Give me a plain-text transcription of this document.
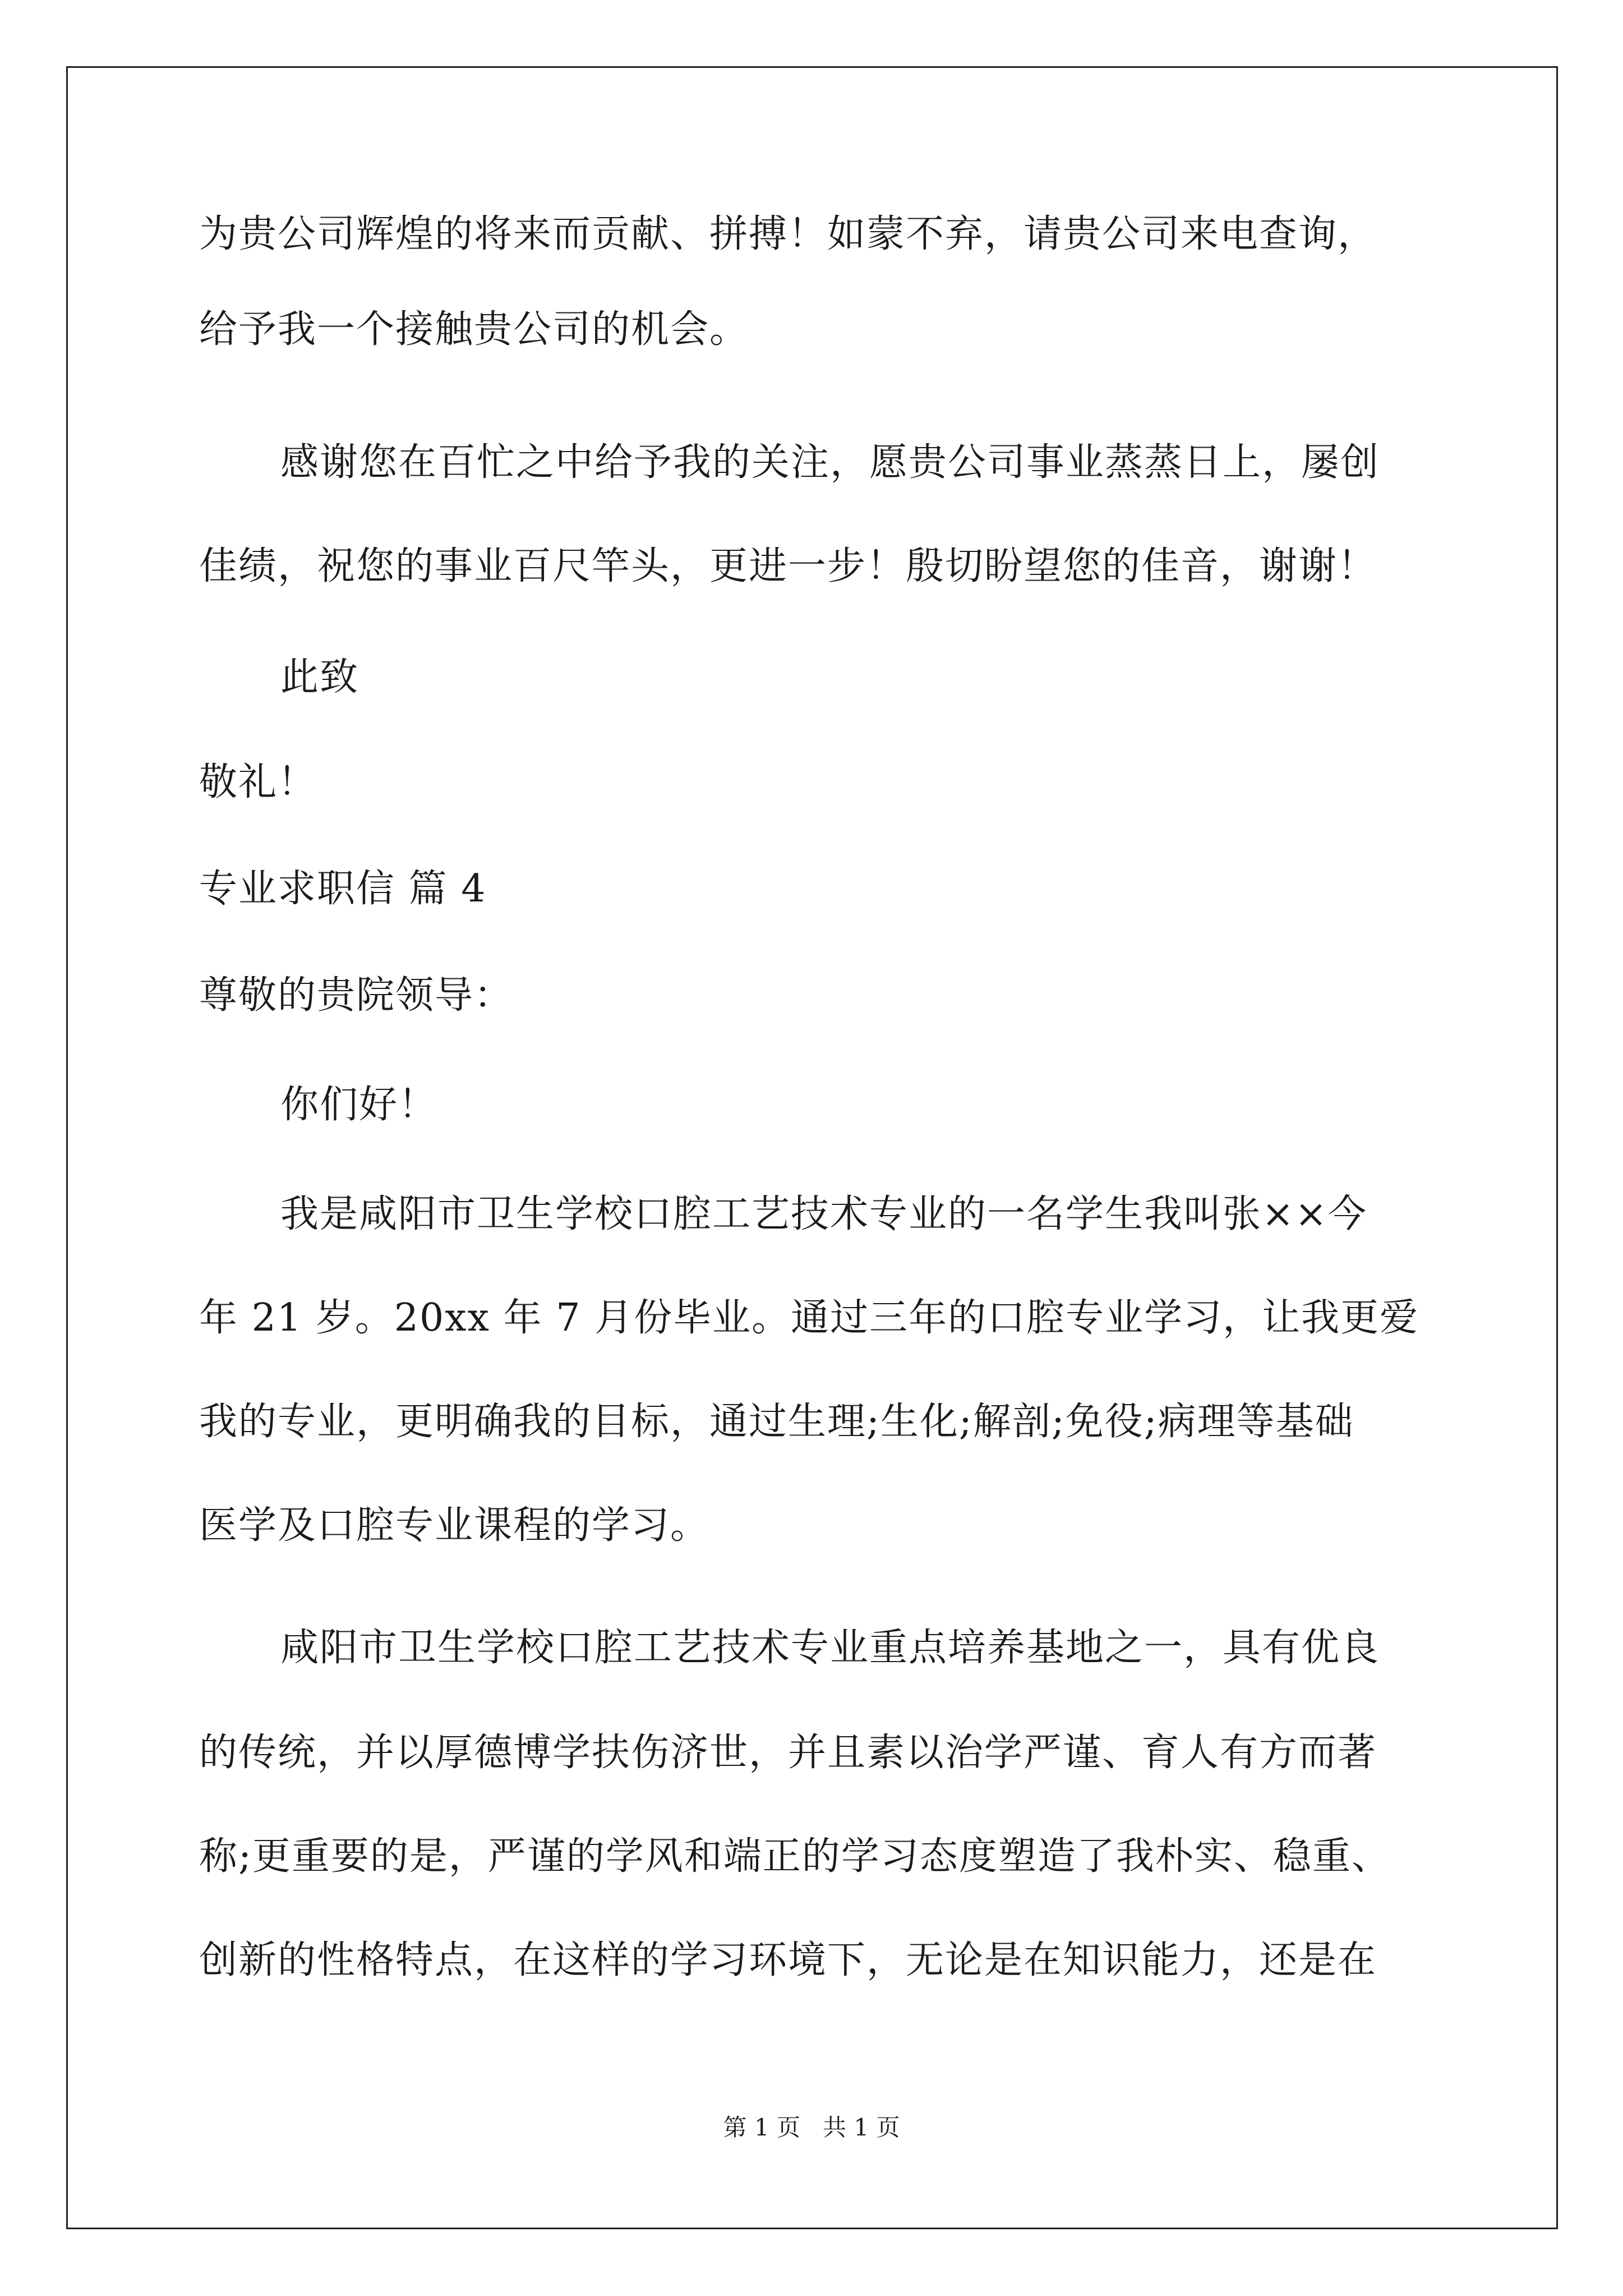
为贵公司辉煌的将来而贡献、拼搏！如蒙不弃，请贵公司来电查询，
给予我一个接触贵公司的机会。
感谢您在百忙之中给予我的关注，愿贵公司事业蒸蒸日上，屡创
佳绩，祝您的事业百尺竿头，更进一步！殷切盼望您的佳音，谢谢！
此致
敬礼！
专业求职信 篇 4
尊敬的贵院领导：
你们好！
我是咸阳市卫生学校口腔工艺技术专业的一名学生我叫张××今
年 21 岁。20xx 年 7 月份毕业。通过三年的口腔专业学习，让我更爱
我的专业，更明确我的目标，通过生理;生化;解剖;免役;病理等基础
医学及口腔专业课程的学习。
咸阳市卫生学校口腔工艺技术专业重点培养基地之一，具有优良
的传统，并以厚德博学扶伤济世，并且素以治学严谨、育人有方而著
称;更重要的是，严谨的学风和端正的学习态度塑造了我朴实、稳重、
创新的性格特点，在这样的学习环境下，无论是在知识能力，还是在
第 1 页   共 1 页
